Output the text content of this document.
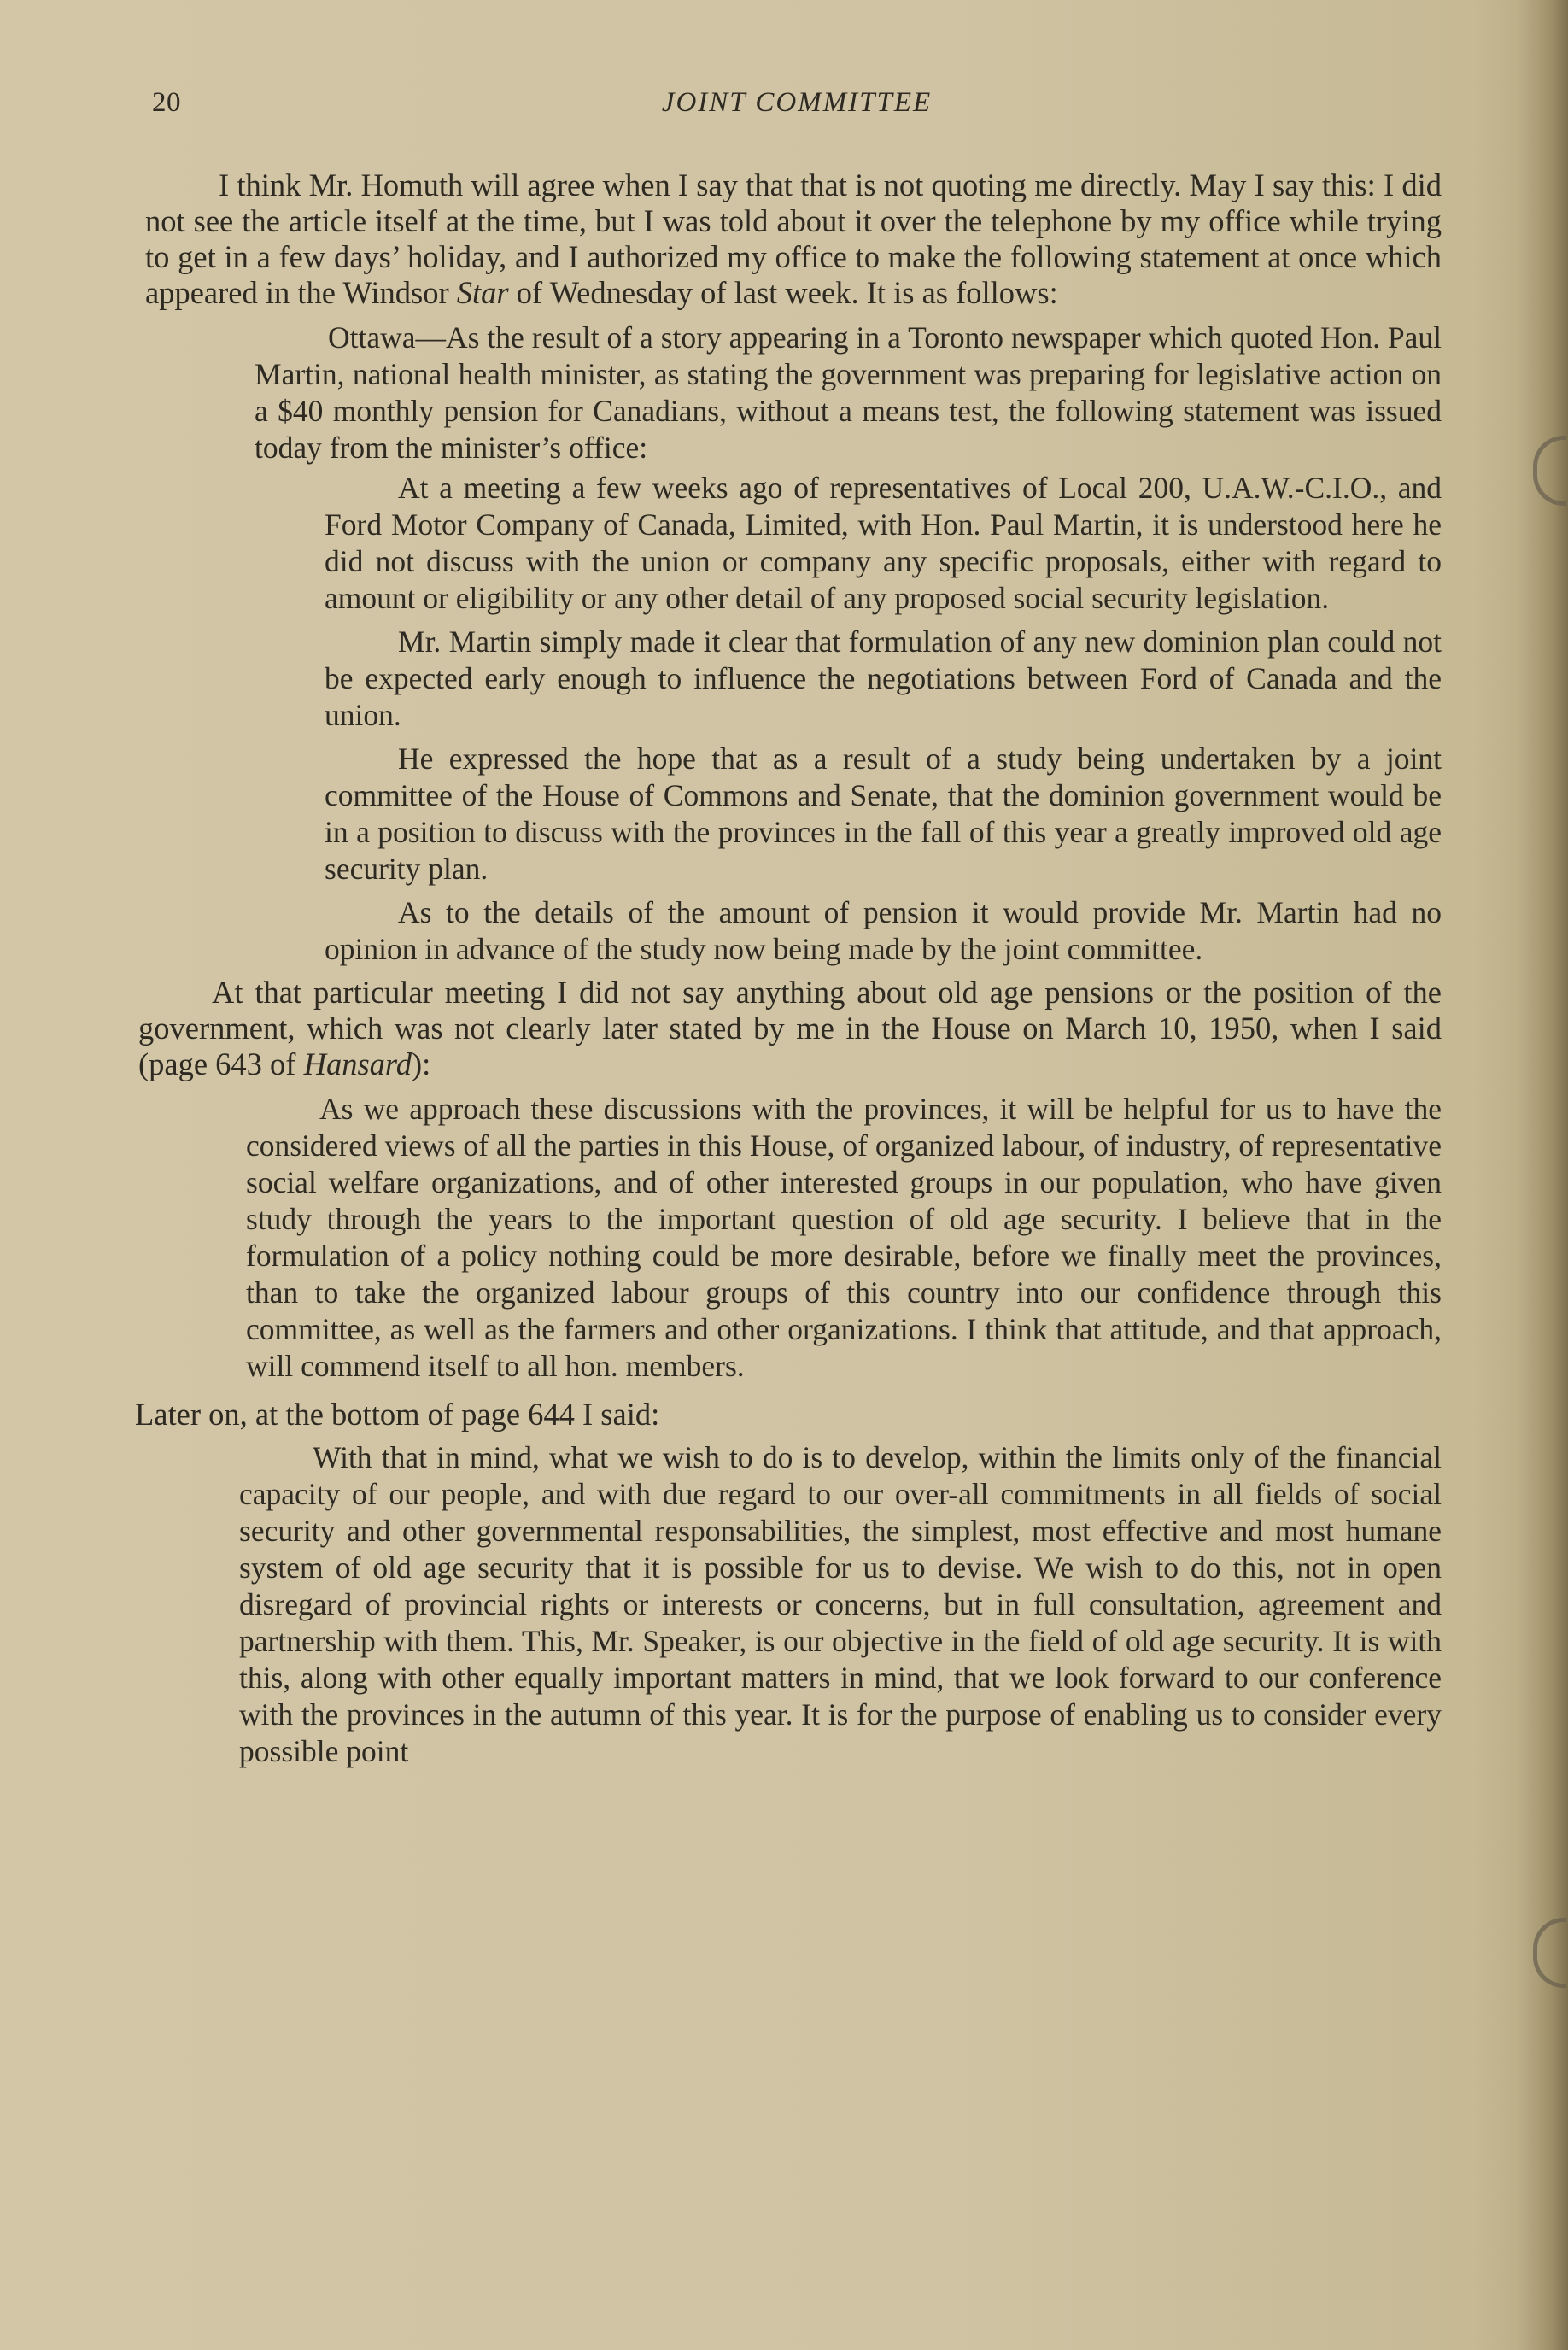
20	JOINT COMMITTEE

I think Mr. Homuth will agree when I say that that is not quoting me directly. May I say this: I did not see the article itself at the time, but I was told about it over the telephone by my office while trying to get in a few days’ holiday, and I authorized my office to make the following statement at once which appeared in the Windsor Star of Wednesday of last week. It is as follows:

Ottawa—As the result of a story appearing in a Toronto newspaper which quoted Hon. Paul Martin, national health minister, as stating the government was preparing for legislative action on a $40 monthly pension for Canadians, without a means test, the following statement was issued today from the minister’s office:

At a meeting a few weeks ago of representatives of Local 200, U.A.W.-C.I.O., and Ford Motor Company of Canada, Limited, with Hon. Paul Martin, it is understood here he did not discuss with the union or company any specific proposals, either with regard to amount or eligibility or any other detail of any proposed social security legislation.

Mr. Martin simply made it clear that formulation of any new dominion plan could not be expected early enough to influence the negotiations between Ford of Canada and the union.

He expressed the hope that as a result of a study being undertaken by a joint committee of the House of Commons and Senate, that the dominion government would be in a position to discuss with the provinces in the fall of this year a greatly improved old age security plan.

As to the details of the amount of pension it would provide Mr. Martin had no opinion in advance of the study now being made by the joint committee.

At that particular meeting I did not say anything about old age pensions or the position of the government, which was not clearly later stated by me in the House on March 10, 1950, when I said (page 643 of Hansard):

As we approach these discussions with the provinces, it will be helpful for us to have the considered views of all the parties in this House, of organized labour, of industry, of representative social welfare organizations, and of other interested groups in our population, who have given study through the years to the important question of old age security. I believe that in the formulation of a policy nothing could be more desirable, before we finally meet the provinces, than to take the organized labour groups of this country into our confidence through this committee, as well as the farmers and other organizations. I think that attitude, and that approach, will commend itself to all hon. members.

Later on, at the bottom of page 644 I said:

With that in mind, what we wish to do is to develop, within the limits only of the financial capacity of our people, and with due regard to our over-all commitments in all fields of social security and other governmental responsabilities, the simplest, most effective and most humane system of old age security that it is possible for us to devise. We wish to do this, not in open disregard of provincial rights or interests or concerns, but in full consultation, agreement and partnership with them. This, Mr. Speaker, is our objective in the field of old age security. It is with this, along with other equally important matters in mind, that we look forward to our conference with the provinces in the autumn of this year. It is for the purpose of enabling us to consider every possible point
